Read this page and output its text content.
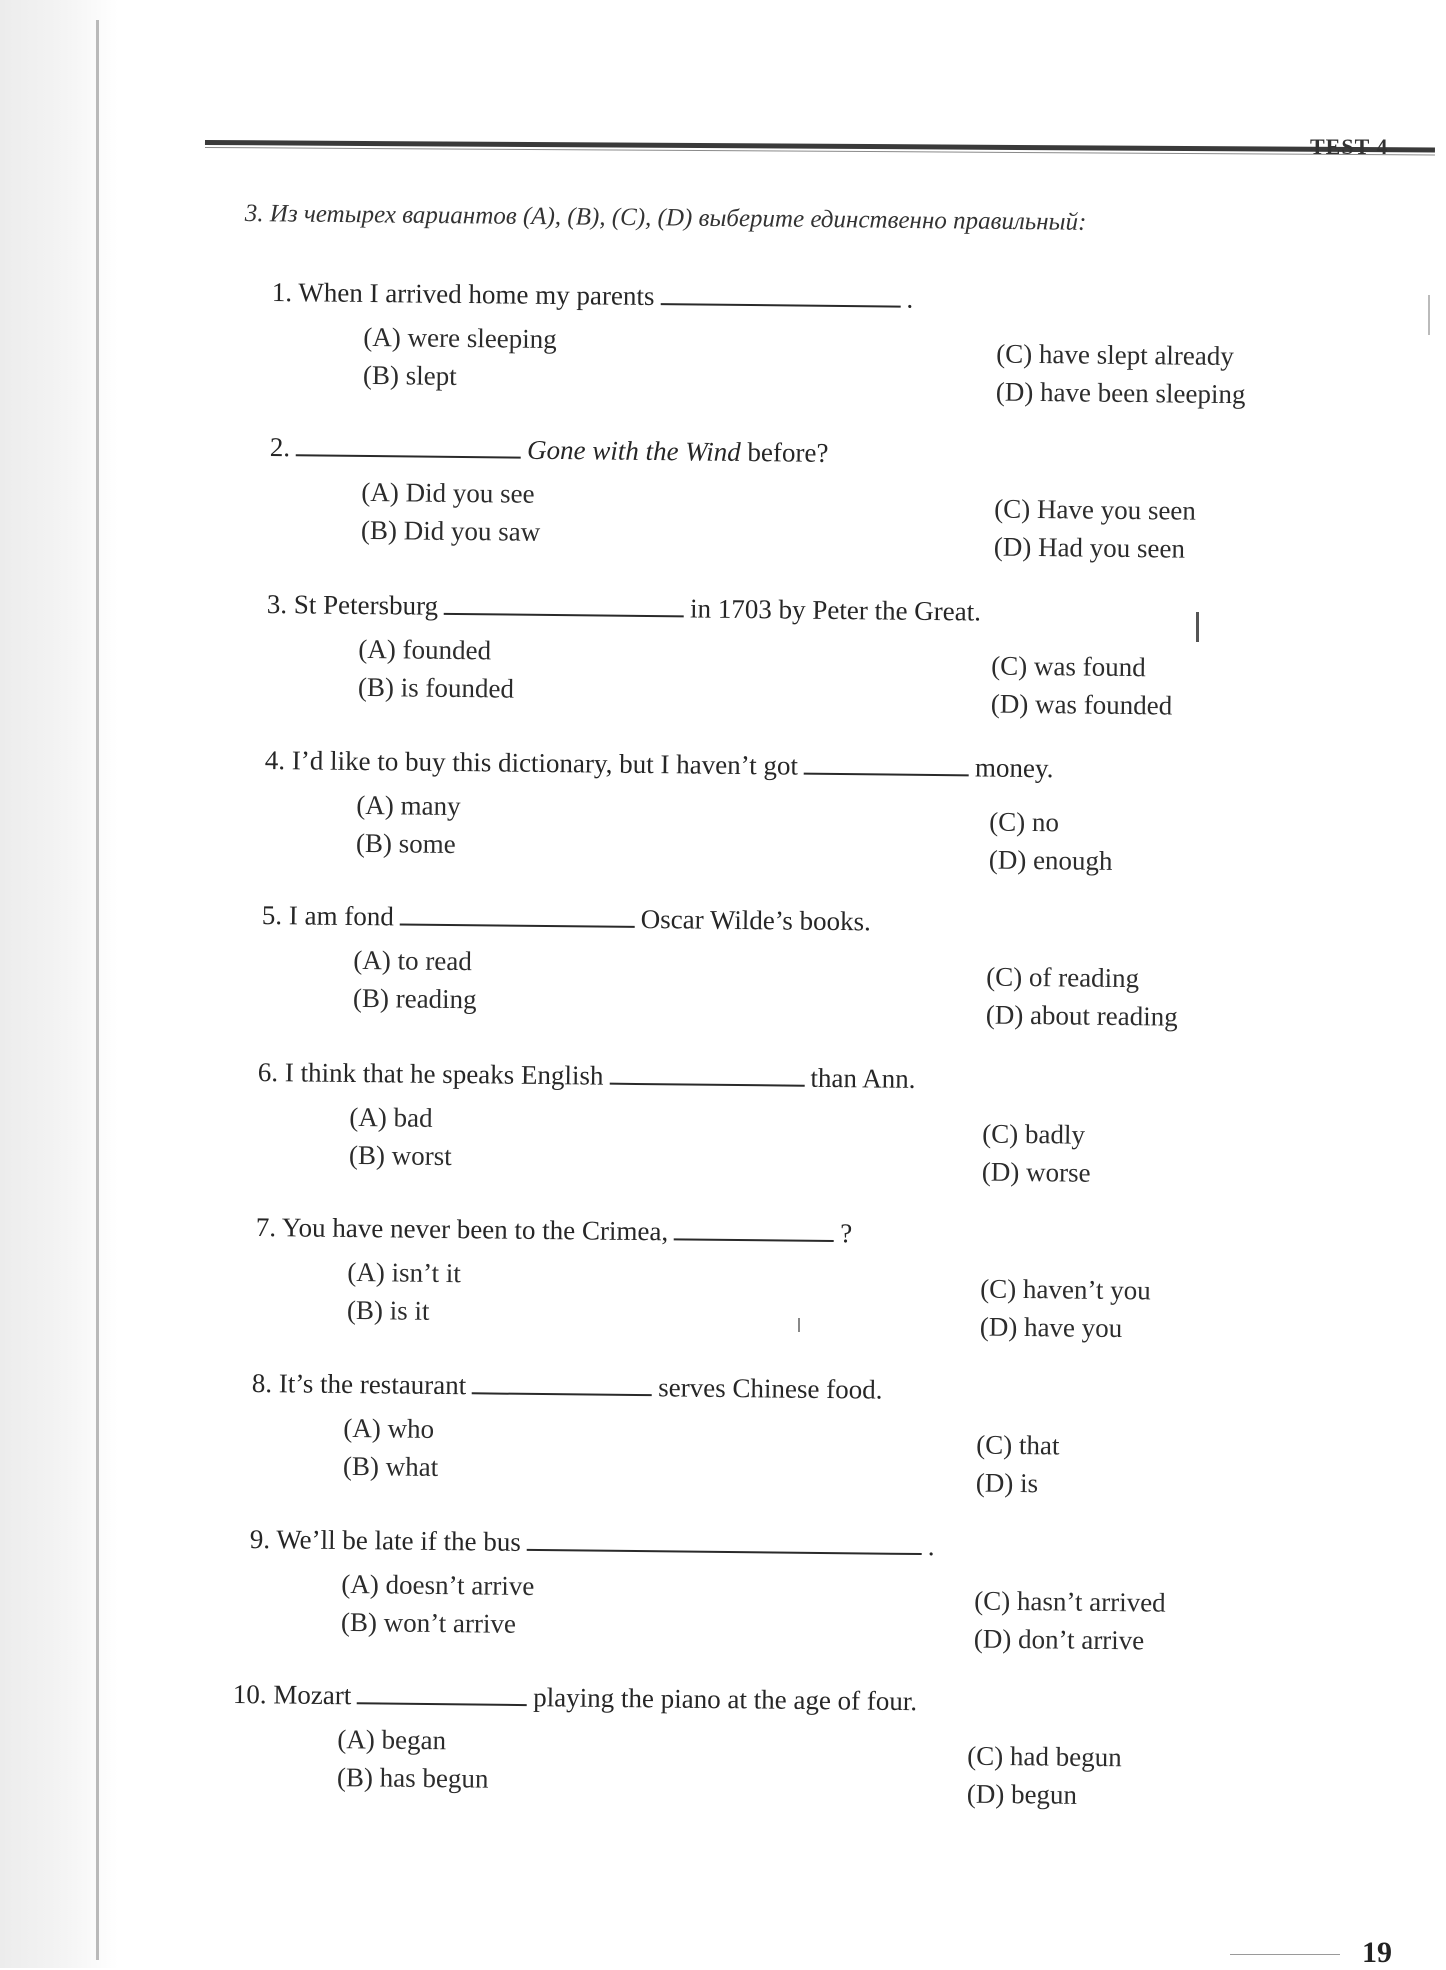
TEST 4
3. Из четырех вариантов (A), (B), (C), (D) выберите единственно правильный:
1. When I arrived home my parents	.
(A) were sleeping
(B) slept
(C) have slept already
(D) have been sleeping
2.	Gone with the Wind before?
(A) Did you see
(B) Did you saw
(C) Have you seen
(D) Had you seen
3. St Petersburg	in 1703 by Peter the Great.
(A) founded
(B) is founded
(C) was found
(D) was founded
4. I’d like to buy this dictionary, but I haven’t got	money.
(A) many
(B) some
(C) no
(D) enough
5. I am fond	Oscar Wilde’s books.
(A) to read
(B) reading
(C) of reading
(D) about reading
6. I think that he speaks English	than Ann.
(A) bad
(B) worst
(C) badly
(D) worse
7. You have never been to the Crimea,	?
(A) isn’t it
(B) is it
(C) haven’t you
(D) have you
8. It’s the restaurant	serves Chinese food.
(A) who
(B) what
(C) that
(D) is
9. We’ll be late if the bus	.
(A) doesn’t arrive
(B) won’t arrive
(C) hasn’t arrived
(D) don’t arrive
10. Mozart	playing the piano at the age of four.
(A) began
(B) has begun
(C) had begun
(D) begun
19
